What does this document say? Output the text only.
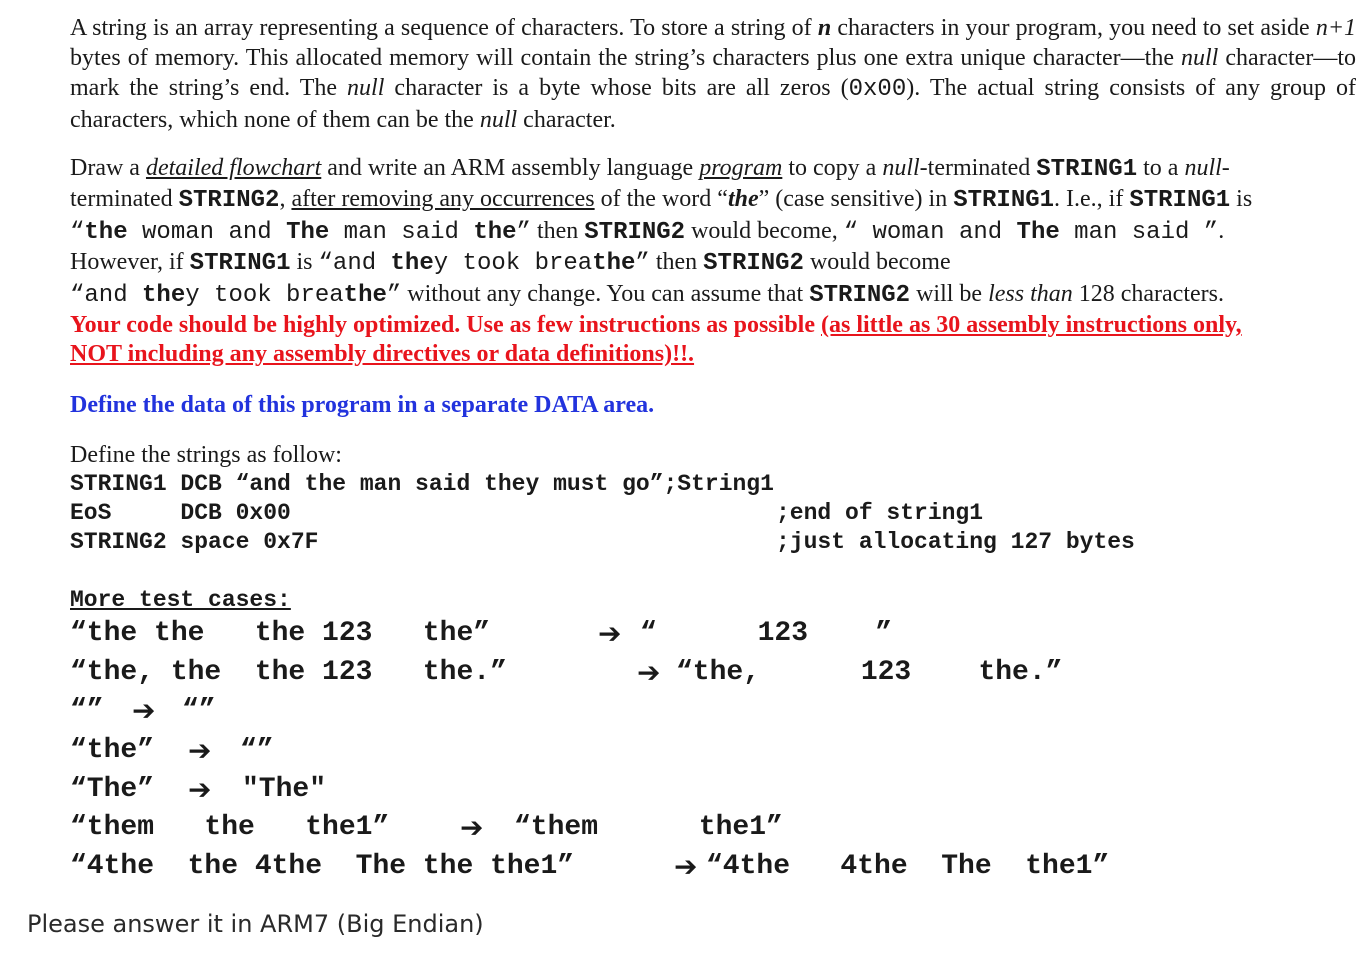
A string is an array representing a sequence of characters. To store a string of n characters in your program, you need to set aside n+1 bytes of memory. This allocated memory will contain the string’s characters plus one extra unique character—the null character—to mark the string’s end. The null character is a byte whose bits are all zeros (0x00). The actual string consists of any group of characters, which none of them can be the null character.
Draw a detailed flowchart and write an ARM assembly language program to copy a null-terminated STRING1 to a null-
terminated STRING2, after removing any occurrences of the word “the” (case sensitive) in STRING1. I.e., if STRING1 is
“the woman and The man said the” then STRING2 would become, “ woman and The man said ”.
However, if STRING1 is “and they took breathe” then STRING2 would become
“and they took breathe” without any change. You can assume that STRING2 will be less than 128 characters.
Your code should be highly optimized. Use as few instructions as possible (as little as 30 assembly instructions only,
NOT including any assembly directives or data definitions)!!.
Define the data of this program in a separate DATA area.
Define the strings as follow:
STRING1 DCB “and the man said they must go”;String1
EoS     DCB 0x00	;end of string1
STRING2 space 0x7F	;just allocating 127 bytes
More test cases:
“the the   the 123   the”	➔ “      123    ”
“the, the  the 123   the.”	➔ “the,      123    the.”
“” ➔ “”
“the” ➔ “”
“The” ➔ "The"
“them   the   the1”	➔ “them      the1”
“4the  the 4the  The the the1”	➔ “4the   4the  The  the1”
Please answer it in ARM7 (Big Endian)
